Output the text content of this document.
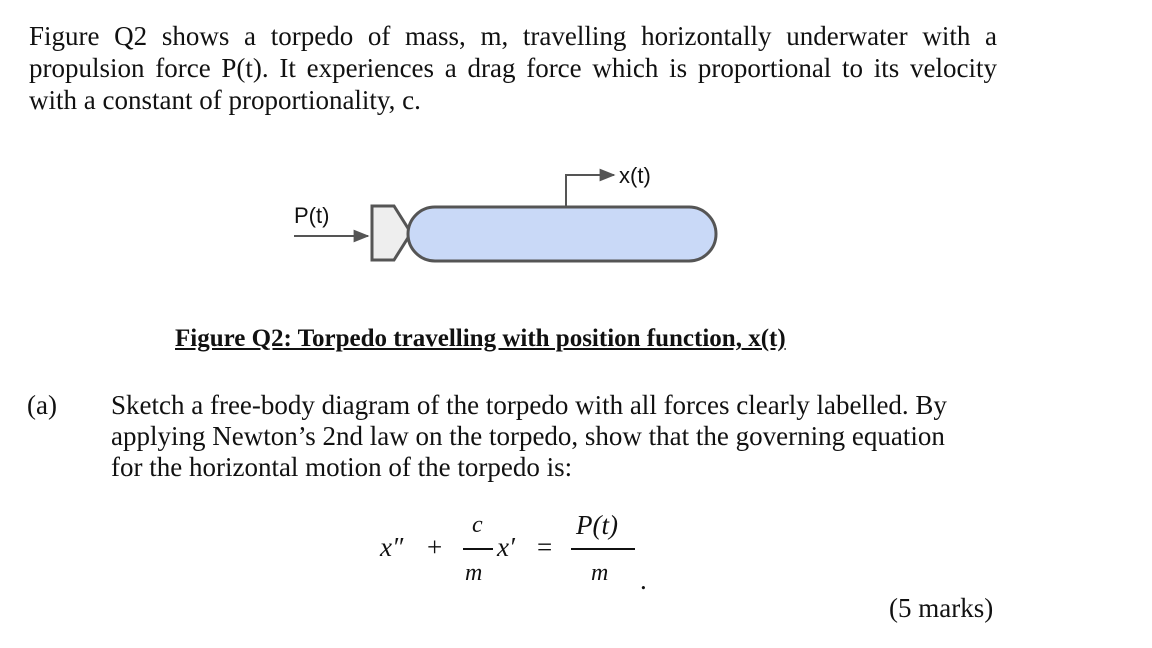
Figure Q2 shows a torpedo of mass, m, travelling horizontally underwater with a
propulsion force P(t). It experiences a drag force which is proportional to its velocity
with a constant of proportionality, c.
P(t)
x(t)
Figure Q2: Torpedo travelling with position function, x(t)
(a) Sketch a free-body diagram of the torpedo with all forces clearly labelled. By
applying Newton’s 2nd law on the torpedo, show that the governing equation
for the horizontal motion of the torpedo is:
x″ +
c
m
x′ =
P(t)
m .
(5 marks)
